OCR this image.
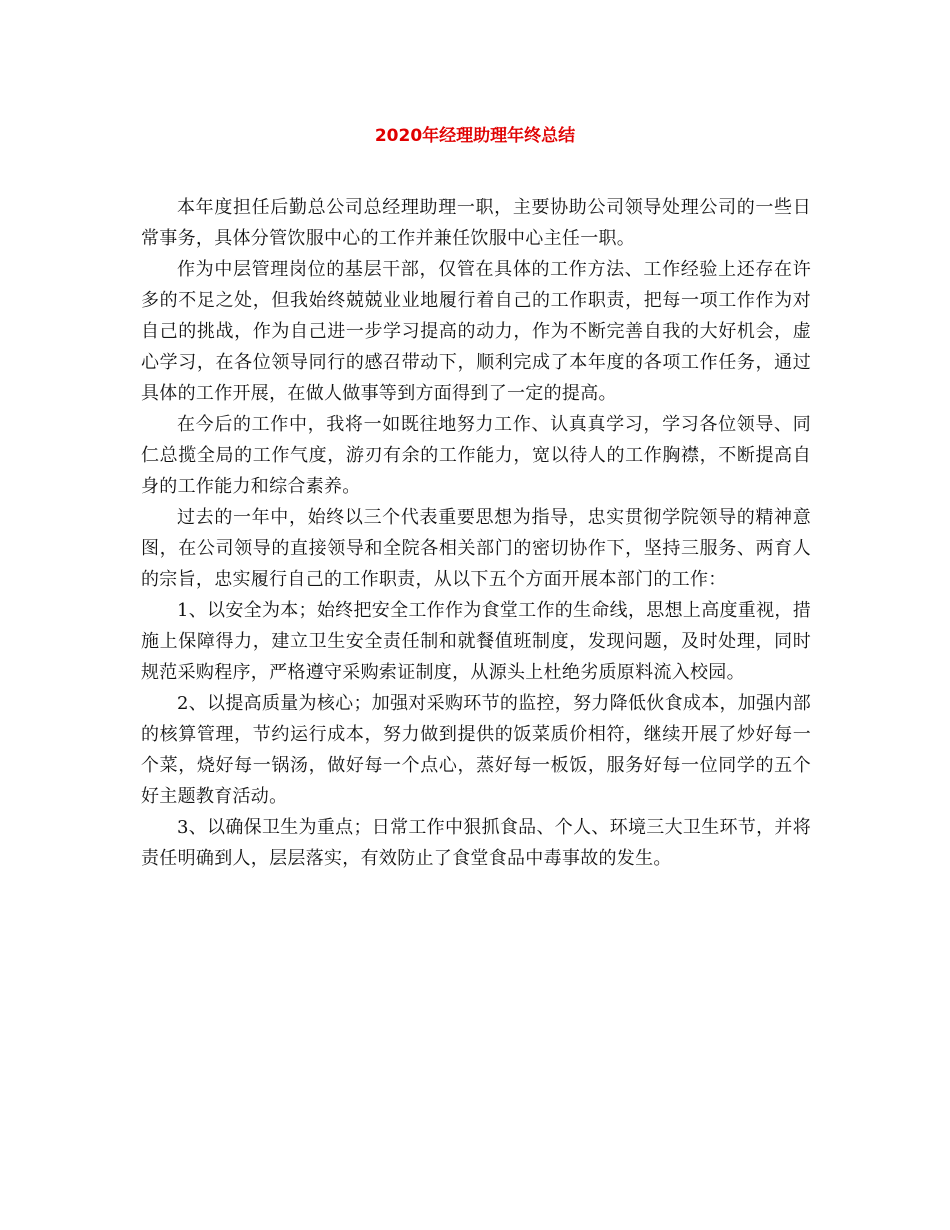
2020年经理助理年终总结

本年度担任后勤总公司总经理助理一职，主要协助公司领导处理公司的一些日常事务，具体分管饮服中心的工作并兼任饮服中心主任一职。

作为中层管理岗位的基层干部，仅管在具体的工作方法、工作经验上还存在许多的不足之处，但我始终兢兢业业地履行着自己的工作职责，把每一项工作作为对自己的挑战，作为自己进一步学习提高的动力，作为不断完善自我的大好机会，虚心学习，在各位领导同行的感召带动下，顺利完成了本年度的各项工作任务，通过具体的工作开展，在做人做事等到方面得到了一定的提高。

在今后的工作中，我将一如既往地努力工作、认真真学习，学习各位领导、同仁总揽全局的工作气度，游刃有余的工作能力，宽以待人的工作胸襟，不断提高自身的工作能力和综合素养。

过去的一年中，始终以三个代表重要思想为指导，忠实贯彻学院领导的精神意图，在公司领导的直接领导和全院各相关部门的密切协作下，坚持三服务、两育人的宗旨，忠实履行自己的工作职责，从以下五个方面开展本部门的工作：

1、以安全为本；始终把安全工作作为食堂工作的生命线，思想上高度重视，措施上保障得力，建立卫生安全责任制和就餐值班制度，发现问题，及时处理，同时规范采购程序，严格遵守采购索证制度，从源头上杜绝劣质原料流入校园。

2、以提高质量为核心；加强对采购环节的监控，努力降低伙食成本，加强内部的核算管理，节约运行成本，努力做到提供的饭菜质价相符，继续开展了炒好每一个菜，烧好每一锅汤，做好每一个点心，蒸好每一板饭，服务好每一位同学的五个好主题教育活动。

3、以确保卫生为重点；日常工作中狠抓食品、个人、环境三大卫生环节，并将责任明确到人，层层落实，有效防止了食堂食品中毒事故的发生。
